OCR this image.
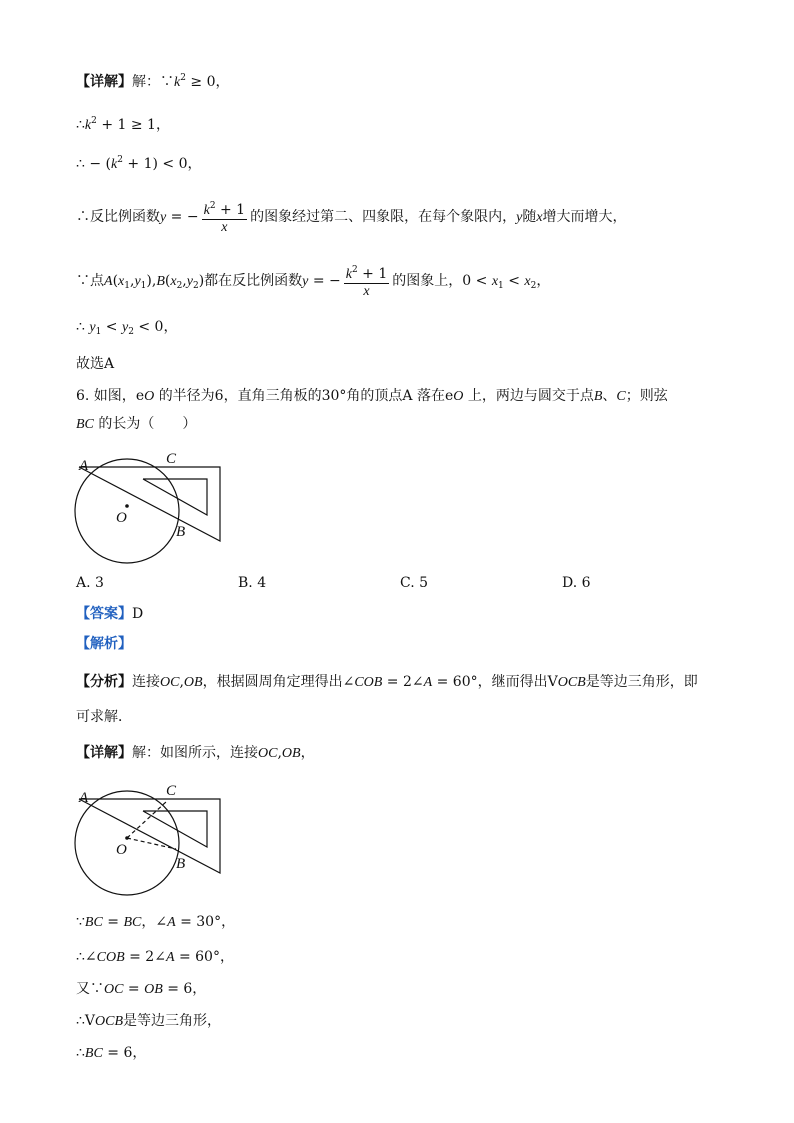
【详解】解：$\because k^2 \ge 0$，
$\therefore k^2 + 1 \ge 1$，
∴ − $(k^2 + 1) < 0$，
∴反比例函数y = − $\frac{k^2 + 1}{x}$ 的图象经过第二、四象限，在每个象限内，y随x增大而增大，
∵点$A(x_1,y_1),B(x_2,y_2)$都在反比例函数y = − $\frac{k^2 + 1}{x}$ 的图象上，$0 < x_1 < x_2$，
∴ $y_1 < y_2 < 0$，
故选A
6. 如图，eO 的半径为6，直角三角板的30°角的顶点A 落在eO 上，两边与圆交于点B、C；则弦
BC 的长为（　　）
A	C
B
O
A. 3	B. 4	C. 5	D. 6
【答案】D
【解析】
【分析】连接OC,OB，根据圆周角定理得出∠COB = 2∠A = 60°，继而得出VOCB是等边三角形，即
可求解．
【详解】解：如图所示，连接OC,OB，
A	C
B
O
∵BC = BC，∠A = 30°，
∴∠COB = 2∠A = 60°，
又∵OC = OB = 6，
∴VOCB是等边三角形，
∴BC = 6，
